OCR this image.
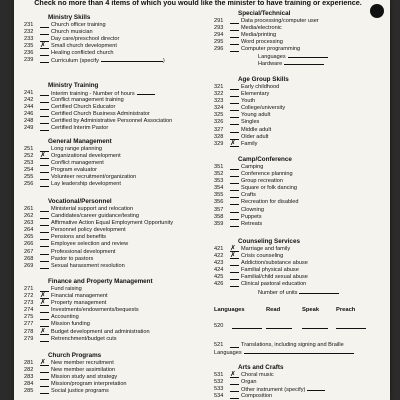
Check no more than 4 items of which you would like the minister to have training or experience.
Ministry Skills
231	Church officer training
232	Church musician
233	Day care/preschool director
235 ✗ Small church development
236	Healing conflicted church
239	Curriculum (specify	)
Ministry Training
241	Interim training - Number of hours
242	Conflict management training
244	Certified Church Educator
246	Certified Church Business Administrator
248	Certified by Administrative Personnel Association
249	Certified Interim Pastor
General Management
251	Long range planning
252 ✗ Organizational development
253	Conflict management
254	Program evaluator
255	Volunteer recruitment/organization
256	Lay leadership development
Vocational/Personnel
261	Ministerial support and relocation
262	Candidates/career guidance/testing
263	Affirmative Action Equal Employment Opportunity
264	Personnel policy development
265	Pensions and benefits
266	Employee selection and review
267	Professional development
268	Pastor to pastors
269	Sexual harassment resolution
Finance and Property Management
271	Fund raising
272 ✗ Financial management
273 ✗ Property management
274	Investments/endowments/bequests
275	Accounting
277	Mission funding
278 ✗ Budget development and administration
279	Retrenchment/budget cuts
Church Programs
281 ✗ New member recruitment
282	New member assimilation
283	Mission study and strategy
284	Mission/program interpretation
285	Social justice programs
Special/Technical
291	Data processing/computer user
293	Media/electronic
294	Media/printing
295	Word processing
296	Computer programming
Languages
Hardware
Age Group Skills
321	Early childhood
322	Elementary
323	Youth
324	College/university
325	Young adult
326	Singles
327	Middle adult
328	Older adult
329 ✗ Family
Camp/Conference
351	Camping
352	Conference planning
353	Group recreation
354	Square or folk dancing
355	Crafts
356	Recreation for disabled
357	Clowning
358	Puppets
359	Retreats
Counseling Services
421 ✗ Marriage and family
422 ✗ Crisis counseling
423	Addiction/substance abuse
424	Familial physical abuse
425	Familial/child sexual abuse
426	Clinical pastoral education
Number of units
Languages	Read	Speak	Preach
520
521	Translations, including signing and Braille
Languages
Arts and Crafts
531 ✗ Choral music
532	Organ
533	Other instrument (specify)
534	Composition
